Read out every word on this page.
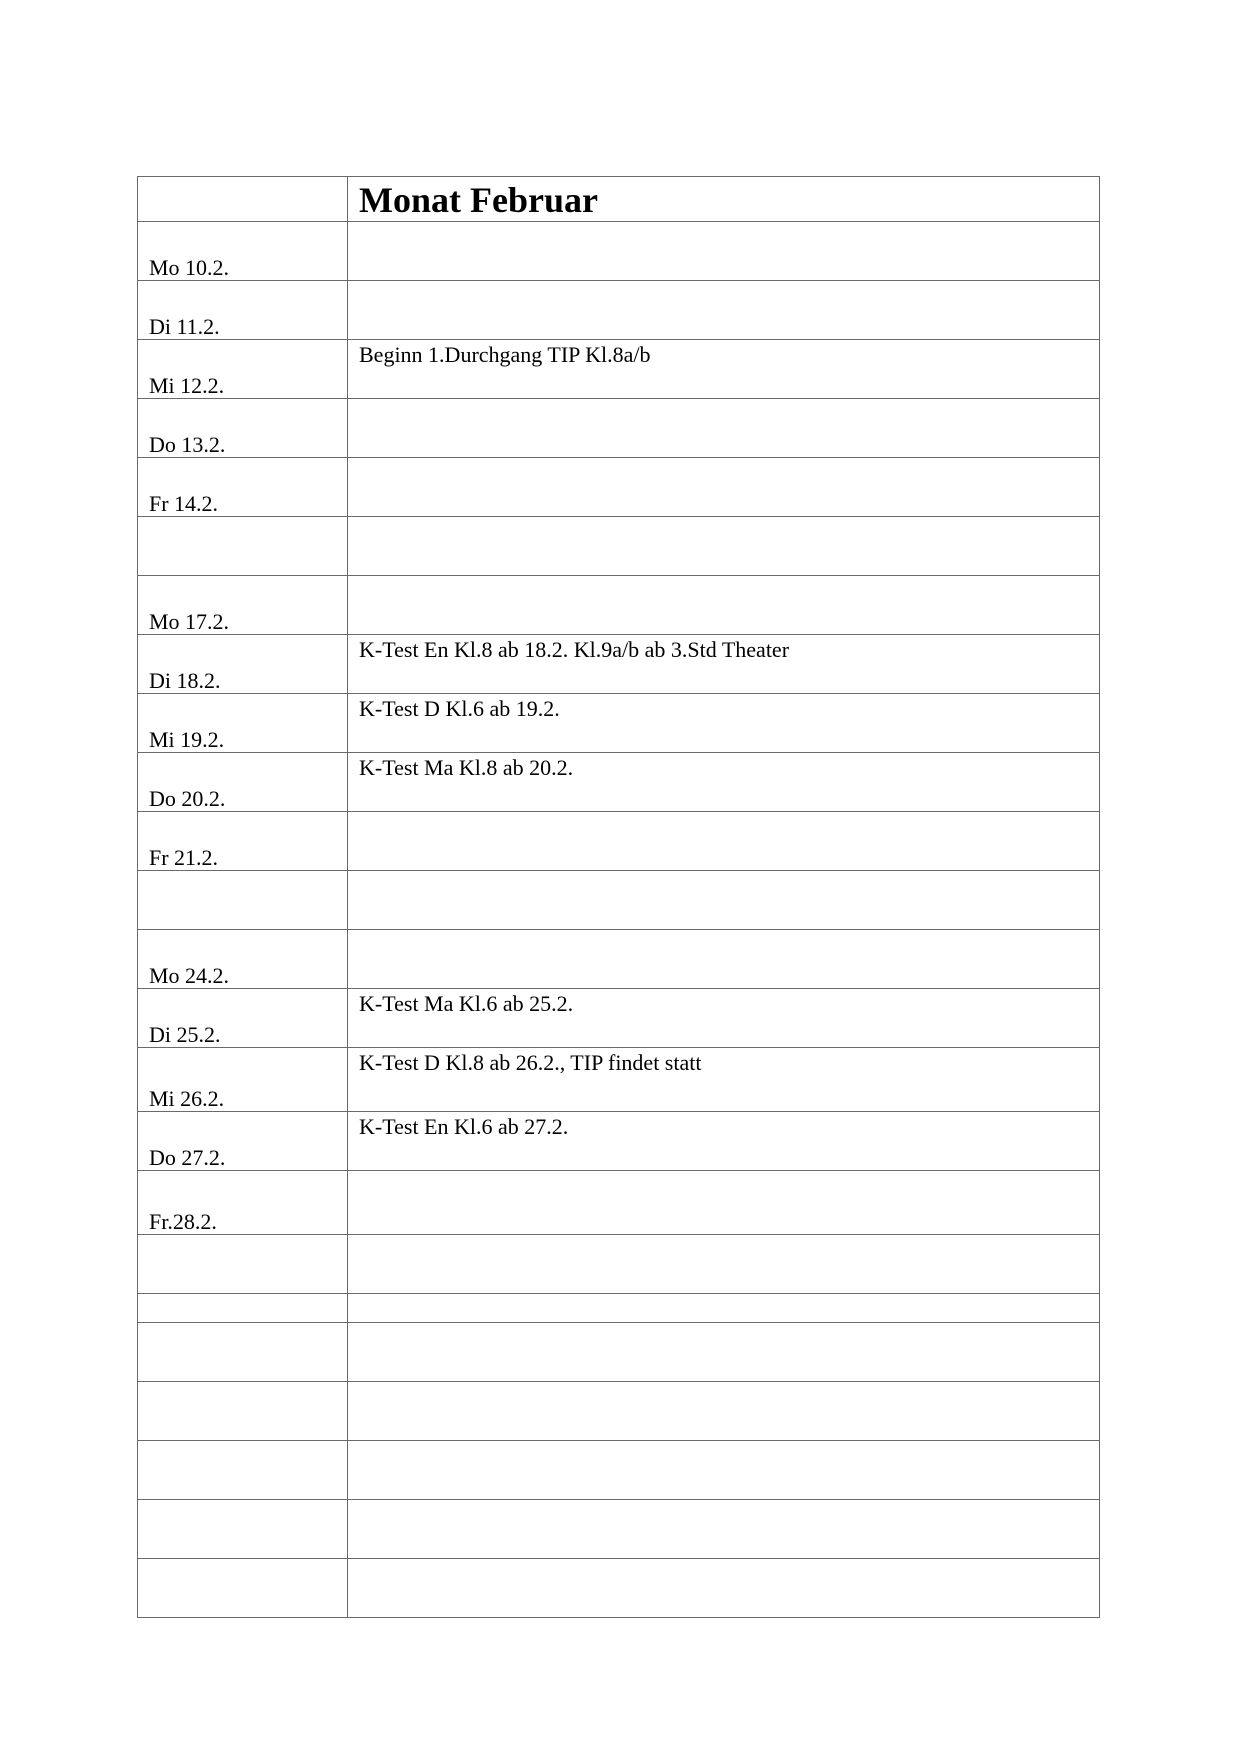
	Monat Februar
Mo 10.2.	
Di 11.2.	
Mi 12.2.	Beginn 1.Durchgang TIP Kl.8a/b
Do 13.2.	
Fr 14.2.	

Mo 17.2.	
Di 18.2.	K-Test En Kl.8 ab 18.2. Kl.9a/b ab 3.Std Theater
Mi 19.2.	K-Test D Kl.6 ab 19.2.
Do 20.2.	K-Test Ma Kl.8 ab 20.2.
Fr 21.2.	

Mo 24.2.	
Di 25.2.	K-Test Ma Kl.6 ab 25.2.
Mi 26.2.	K-Test D Kl.8 ab 26.2., TIP findet statt
Do 27.2.	K-Test En Kl.6 ab 27.2.
Fr.28.2.	
